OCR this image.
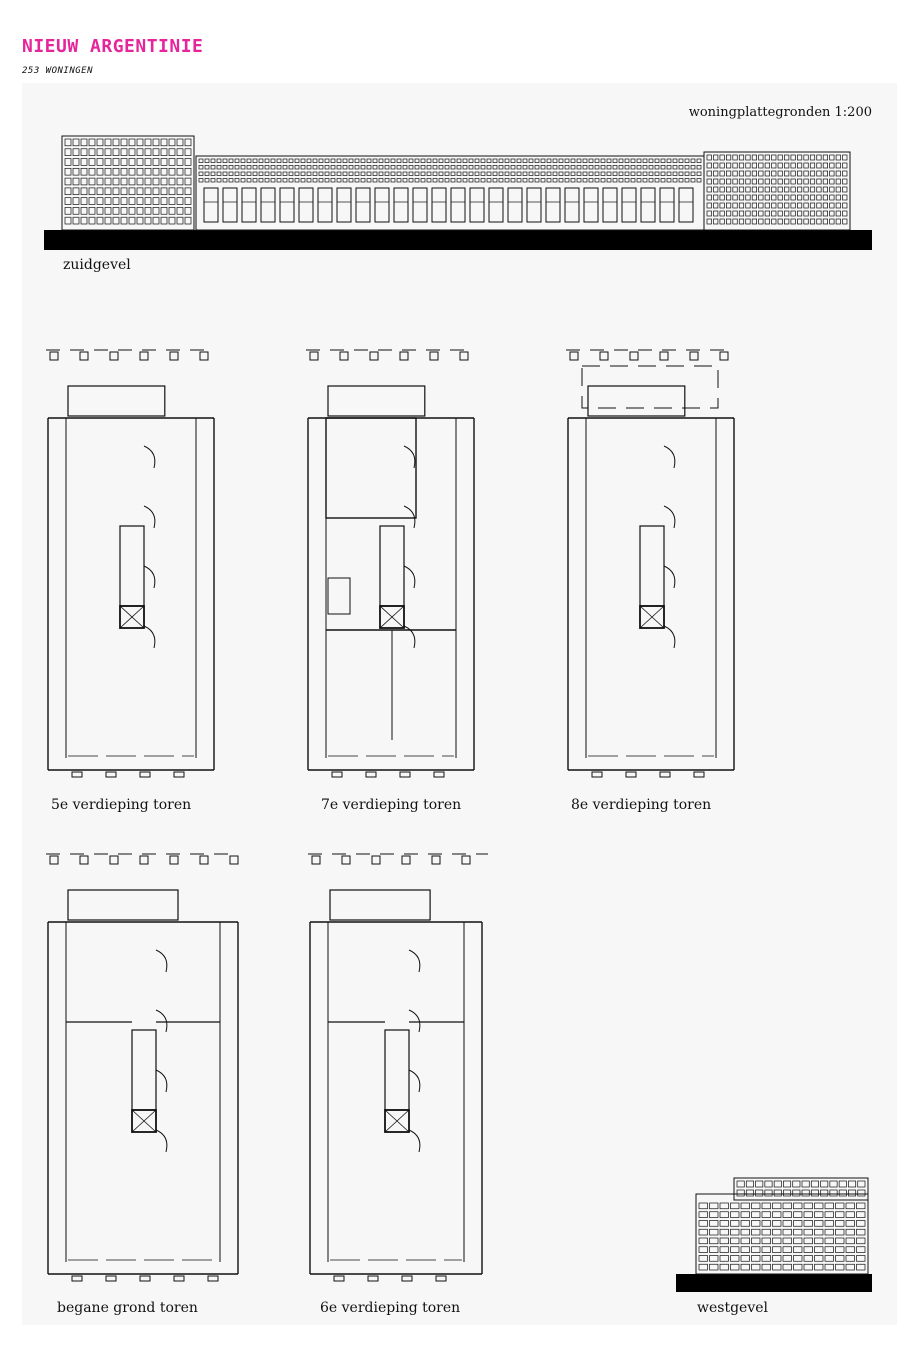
NIEUW ARGENTINIE
253 WONINGEN
woningplattegronden 1:200
zuidgevel
5e verdieping toren	7e verdieping toren	8e verdieping toren
begane grond toren	6e verdieping toren	westgevel
